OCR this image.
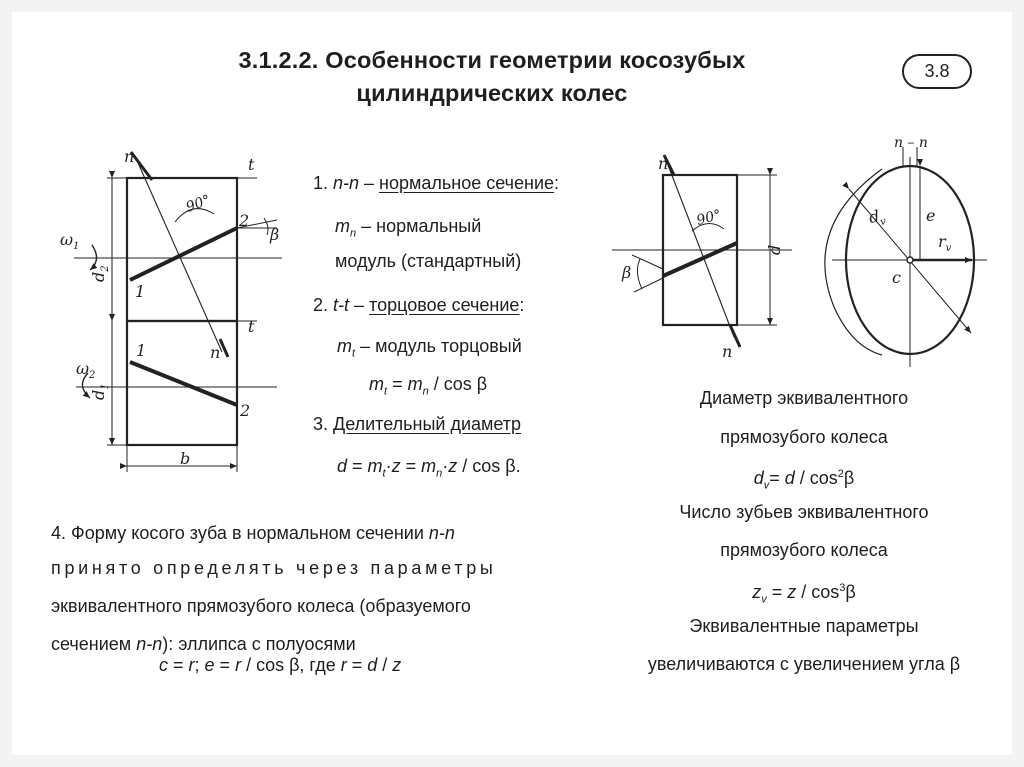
3.1.2.2. Особенности геометрии косозубых
цилиндрических колес
3.8
1. n-n – нормальное сечение:
$m_n$ – нормальный
модуль (стандартный)
2. t-t – торцовое сечение:
$m_t$ – модуль торцовый
$m_t = m_n / \cos \beta$
3. Делительный диаметр
$d = m_t\cdot z = m_n\cdot z / \cos \beta$.
4. Форму косого зуба в нормальном сечении n-n
принято определять через параметры
эквивалентного прямозубого колеса (образуемого
сечением n-n): эллипса с полуосями
c = r; e = r / cos β, где r = d / z
Диаметр эквивалентного
прямозубого колеса
$d_v= d / \cos^2\beta$
Число зубьев эквивалентного
прямозубого колеса
$z_v = z / \cos^3\beta$
Эквивалентные параметры
увеличиваются с увеличением угла β
n
n
t
t
90°
β
1
2
1
2
$\omega_1$
$\omega_2$
$d_2$
$d_1$
b
n
n
90°
β
d
n – n
$d_v$ e
$r_v$
c
